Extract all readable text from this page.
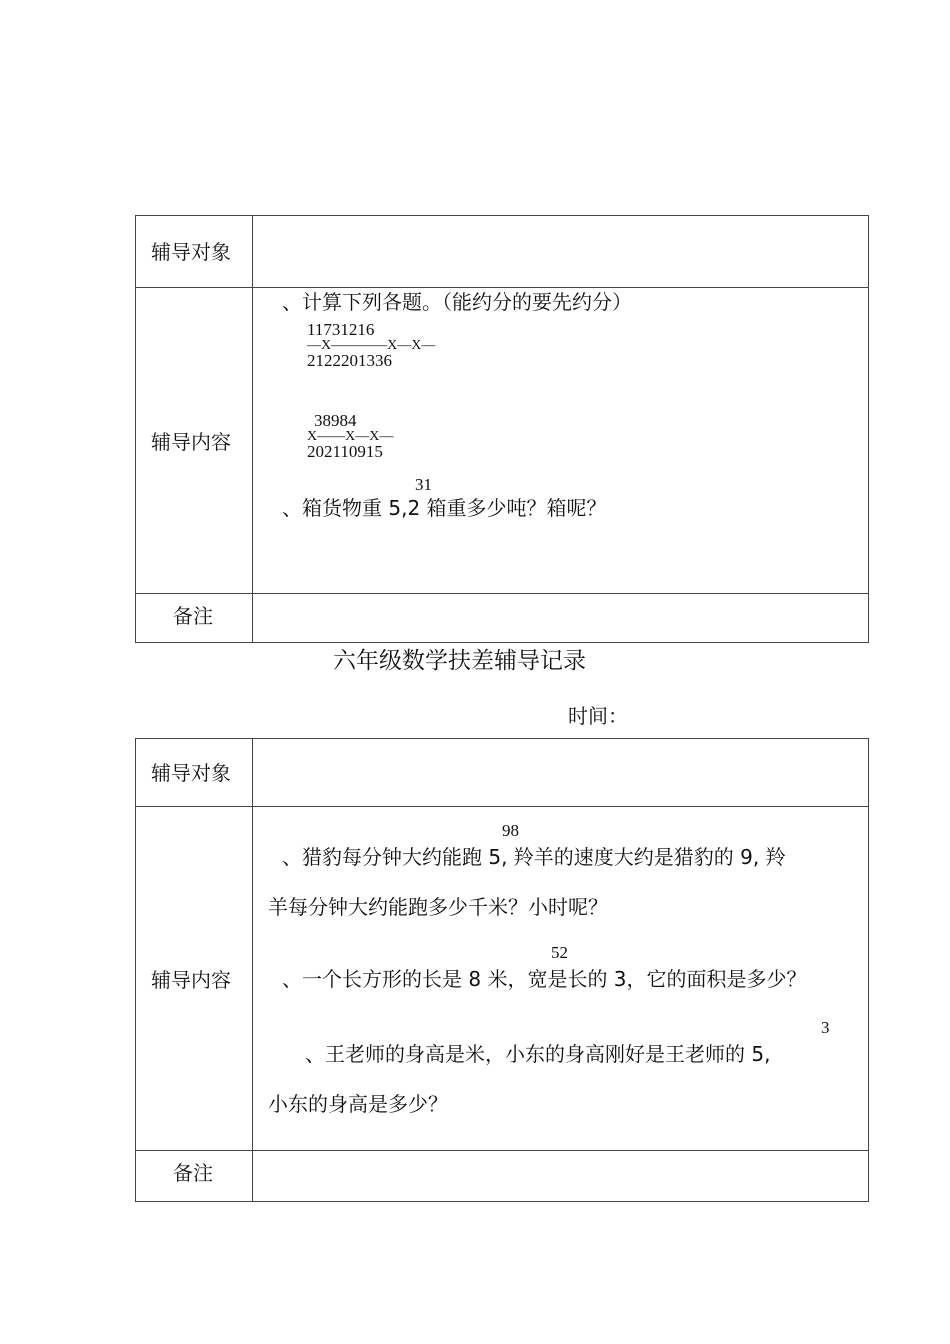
辅导对象
辅导内容
备注
、计算下列各题。（能约分的要先约分）
11731216
—X————X—X—
2122201336
38984
X——X—X—
202110915
31
、箱货物重 5,2 箱重多少吨？箱呢？
六年级数学扶差辅导记录
时间：
辅导对象
辅导内容
备注
98
、猎豹每分钟大约能跑 5, 羚羊的速度大约是猎豹的 9, 羚
羊每分钟大约能跑多少千米？小时呢？
52
、一个长方形的长是 8 米，宽是长的 3，它的面积是多少？
3
、王老师的身高是米，小东的身高刚好是王老师的 5,
小东的身高是多少？
